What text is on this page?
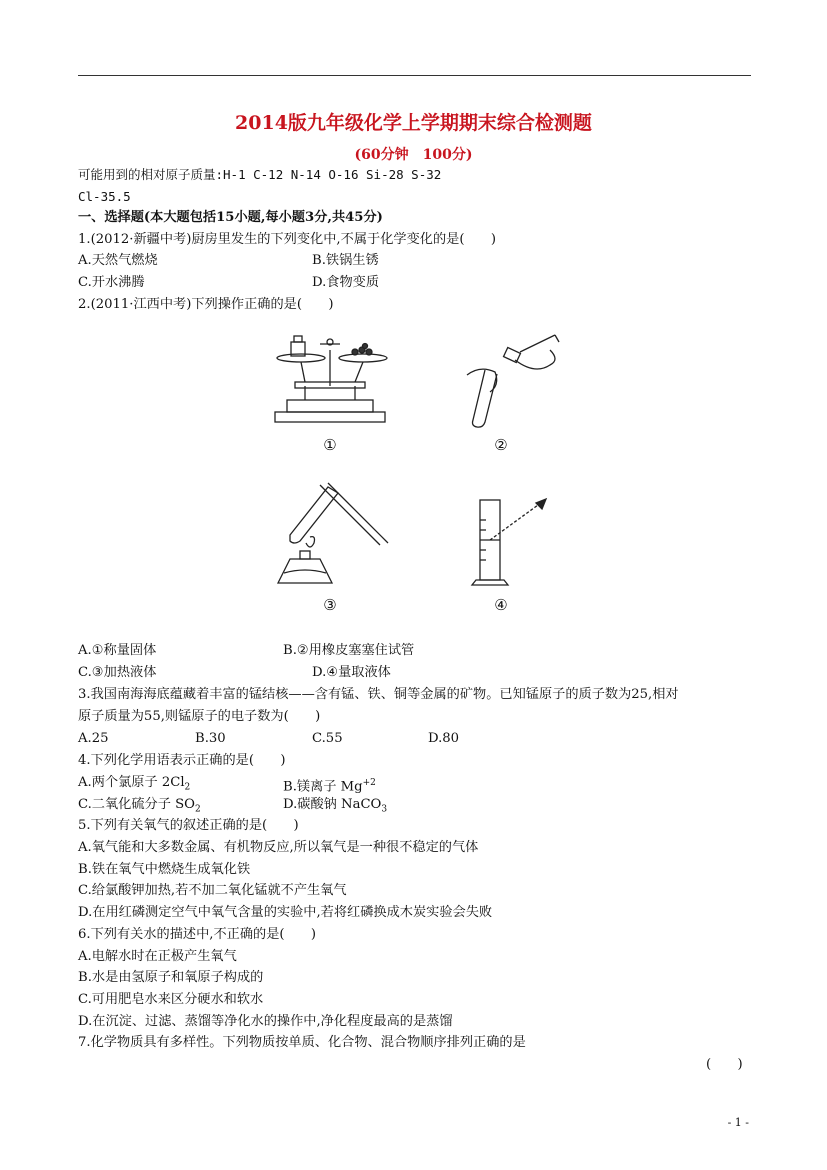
2014版九年级化学上学期期末综合检测题
(60分钟　100分)
可能用到的相对原子质量:H-1 C-12 N-14 O-16 Si-28 S-32
Cl-35.5
一、选择题(本大题包括15小题,每小题3分,共45分)
1.(2012·新疆中考)厨房里发生的下列变化中,不属于化学变化的是(　　)
A.天然气燃烧	B.铁锅生锈
C.开水沸腾	D.食物变质
2.(2011·江西中考)下列操作正确的是(　　)
①	②
③	④
A.①称量固体	B.②用橡皮塞塞住试管
C.③加热液体	D.④量取液体
3.我国南海海底蕴藏着丰富的锰结核——含有锰、铁、铜等金属的矿物。已知锰原子的质子数为25,相对
原子质量为55,则锰原子的电子数为(　　)
A.25	B.30	C.55	D.80
4.下列化学用语表示正确的是(　　)
A.两个氯原子 $2Cl_2$	B.镁离子 $Mg^{+2}$
C.二氧化硫分子 $SO_2$	D.碳酸钠 NaCO$_3$
5.下列有关氧气的叙述正确的是(　　)
A.氧气能和大多数金属、有机物反应,所以氧气是一种很不稳定的气体
B.铁在氧气中燃烧生成氧化铁
C.给氯酸钾加热,若不加二氧化锰就不产生氧气
D.在用红磷测定空气中氧气含量的实验中,若将红磷换成木炭实验会失败
6.下列有关水的描述中,不正确的是(　　)
A.电解水时在正极产生氧气
B.水是由氢原子和氧原子构成的
C.可用肥皂水来区分硬水和软水
D.在沉淀、过滤、蒸馏等净化水的操作中,净化程度最高的是蒸馏
7.化学物质具有多样性。下列物质按单质、化合物、混合物顺序排列正确的是
(　　)
- 1 -
